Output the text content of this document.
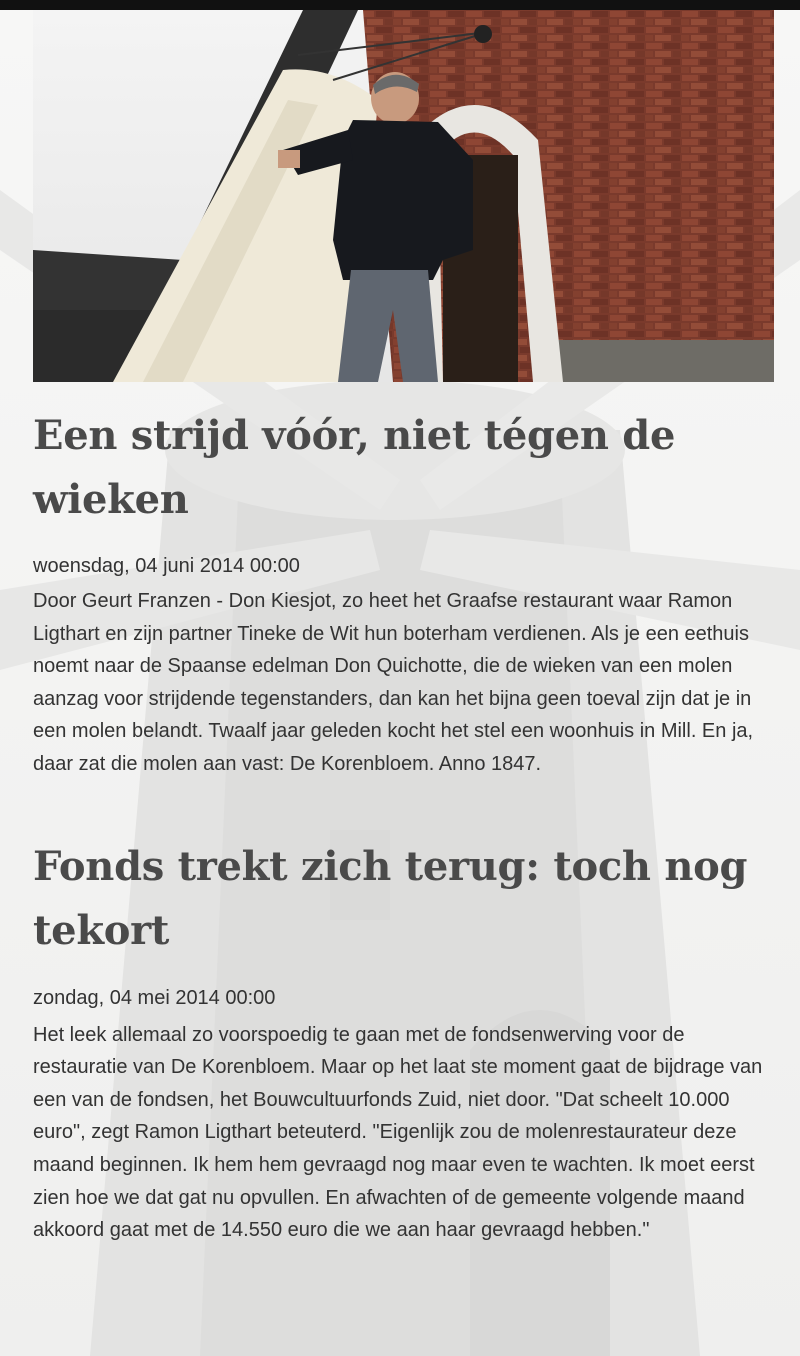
Een strijd vóór, niet tégen de wieken
woensdag, 04 juni 2014 00:00

Door Geurt Franzen - Don Kiesjot, zo heet het Graafse restaurant waar Ramon Ligthart en zijn partner Tineke de Wit hun boterham verdienen. Als je een eethuis noemt naar de Spaanse edelman Don Quichotte, die de wieken van een molen aanzag voor strijdende tegenstanders, dan kan het bijna geen toeval zijn dat je in een molen belandt. Twaalf jaar geleden kocht het stel een woonhuis in Mill. En ja, daar zat die molen aan vast: De Korenbloem. Anno 1847.

Fonds trekt zich terug: toch nog tekort
zondag, 04 mei 2014 00:00

Het leek allemaal zo voorspoedig te gaan met de fondsenwerving voor de restauratie van De Korenbloem. Maar op het laat ste moment gaat de bijdrage van een van de fondsen, het Bouwcultuurfonds Zuid, niet door. "Dat scheelt 10.000 euro", zegt Ramon Ligthart beteuterd. "Eigenlijk zou de molenrestaurateur deze maand beginnen. Ik hem hem gevraagd nog maar even te wachten. Ik moet eerst zien hoe we dat gat nu opvullen. En afwachten of de gemeente volgende maand akkoord gaat met de 14.550 euro die we aan haar gevraagd hebben."
